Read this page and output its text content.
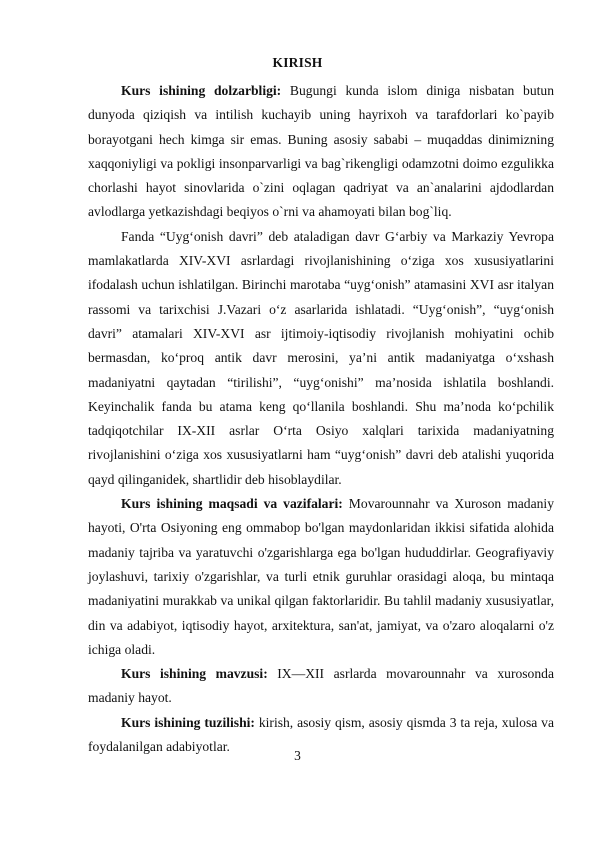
KIRISH

Kurs ishining dolzarbligi: Bugungi kunda islom diniga nisbatan butun dunyoda qiziqish va intilish kuchayib uning hayrixoh va tarafdorlari ko`payib borayotgani hech kimga sir emas. Buning asosiy sababi – muqaddas dinimizning xaqqoniyligi va pokligi insonparvarligi va bag`rikengligi odamzotni doimo ezgulikka chorlashi hayot sinovlarida o`zini oqlagan qadriyat va an`analarini ajdodlardan avlodlarga yetkazishdagi beqiyos o`rni va ahamoyati bilan bog`liq.

Fanda “Uyg‘onish davri” deb ataladigan davr G‘arbiy va Markaziy Yevropa mamlakatlarda XIV-XVI asrlardagi rivojlanishining o‘ziga xos xususiyatlarini ifodalash uchun ishlatilgan. Birinchi marotaba “uyg‘onish” atamasini XVI asr italyan rassomi va tarixchisi J.Vazari o‘z asarlarida ishlatadi. “Uyg‘onish”, “uyg‘onish davri” atamalari XIV-XVI asr ijtimoiy-iqtisodiy rivojlanish mohiyatini ochib bermasdan, ko‘proq antik davr merosini, ya’ni antik madaniyatga o‘xshash madaniyatni qaytadan “tirilishi”, “uyg‘onishi” ma’nosida ishlatila boshlandi. Keyinchalik fanda bu atama keng qo‘llanila boshlandi. Shu ma’noda ko‘pchilik tadqiqotchilar IX-XII asrlar O‘rta Osiyo xalqlari tarixida madaniyatning rivojlanishini o‘ziga xos xususiyatlarni ham “uyg‘onish” davri deb atalishi yuqorida qayd qilinganidek, shartlidir deb hisoblaydilar.

Kurs ishining maqsadi va vazifalari: Movarounnahr va Xuroson madaniy hayoti, O'rta Osiyoning eng ommabop bo'lgan maydonlaridan ikkisi sifatida alohida madaniy tajriba va yaratuvchi o'zgarishlarga ega bo'lgan hududdirlar. Geografiyaviy joylashuvi, tarixiy o'zgarishlar, va turli etnik guruhlar orasidagi aloqa, bu mintaqa madaniyatini murakkab va unikal qilgan faktorlaridir. Bu tahlil madaniy xususiyatlar, din va adabiyot, iqtisodiy hayot, arxitektura, san'at, jamiyat, va o'zaro aloqalarni o'z ichiga oladi.

Kurs ishining mavzusi: IX—XII asrlarda movarounnahr va xurosonda madaniy hayot.

Kurs ishining tuzilishi: kirish, asosiy qism, asosiy qismda 3 ta reja, xulosa va foydalanilgan adabiyotlar.

3
